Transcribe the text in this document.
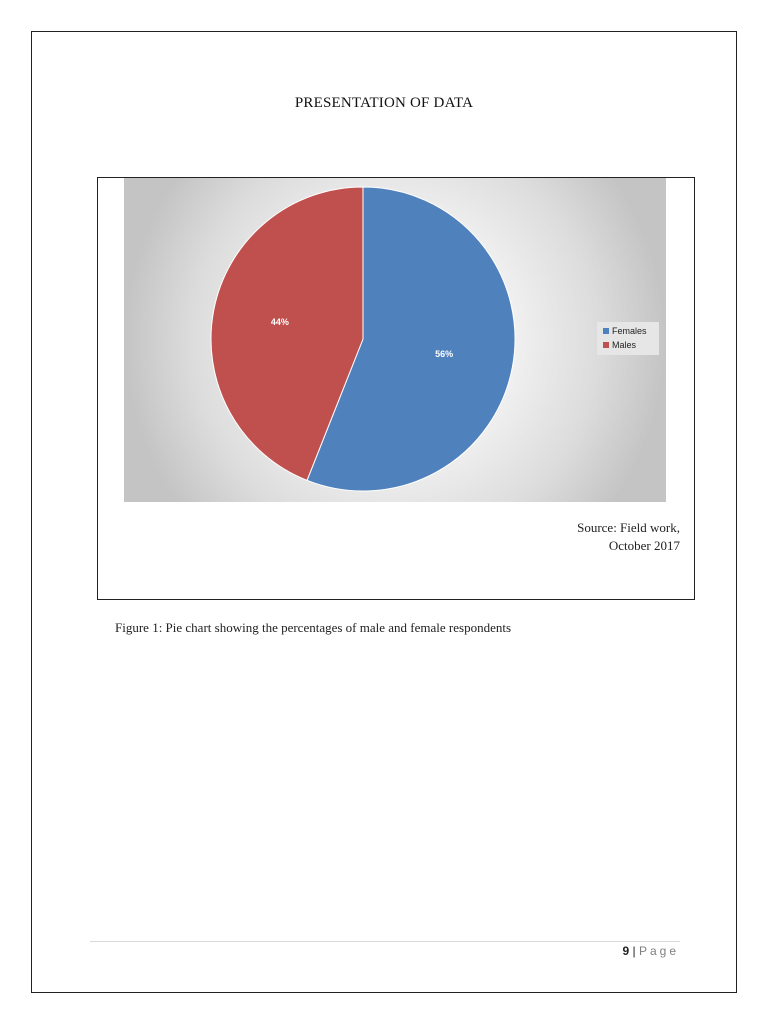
PRESENTATION OF DATA
56%
44%
Females
Males
Source: Field work,
October 2017
Figure 1: Pie chart showing the percentages of male and female respondents
9 | Page
